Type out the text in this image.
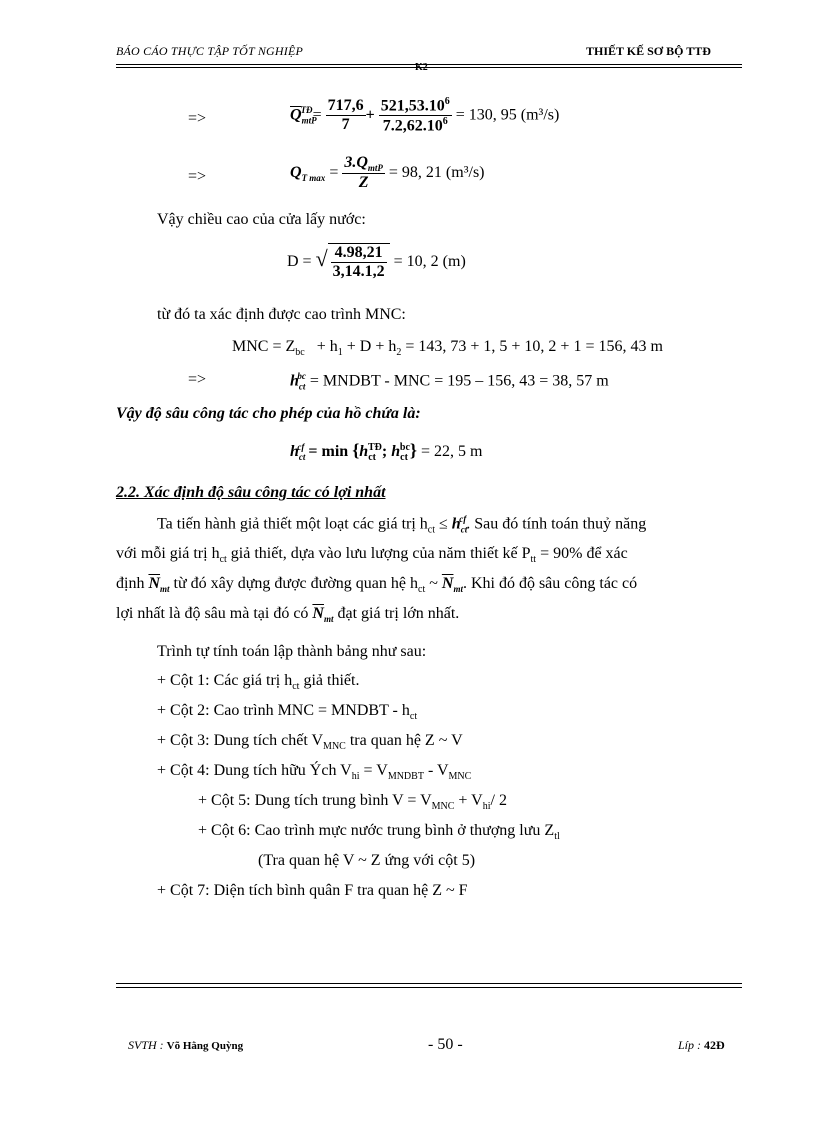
BÁO CÁO THỰC TẬP TỐT NGHIỆP	THIẾT KẾ SƠ BỘ TTĐ
K2
=>	$\overline{Q}_{mtP}^{TĐ}= \frac{717,6}{7} + \frac{521,53.10^6}{7.2,62.10^6} = 130$, 95 (m³/s)
=>	$Q_{T max} = \frac{3.Q_{mtP}}{Z} = 98$, 21 (m³/s)
Vậy chiều cao của cửa lấy nước:
D = √ $\frac{4.98,21}{3,14.1,2} = 10$, 2 (m)
từ đó ta xác định được cao trình MNC:
MNC = $Z_{bc} + h_1 + D + h_2 = 143$, 73 + 1, 5 + 10, 2 + 1 = 156, 43 m
=>	$h_{ct}^{bc}$ = MNDBT - MNC = 195 – 156, 43 = 38, 57 m
Vậy độ sâu công tác cho phép của hồ chứa là:
$h_{ct}^{cf} = \min \{h_{ct}^{TĐ}$; $h_{ct}^{bc}\} = 22$, 5 m
2.2. Xác định độ sâu công tác có lợi nhất
Ta tiến hành giả thiết một loạt các giá trị $h_{ct} \le h_{ct}^{cf}$. Sau đó tính toán thuỷ năng
với mỗi giá trị $h_{ct}$ giả thiết, dựa vào lưu lượng của năm thiết kế $P_{tt} = 90\%$ để xác
định $\overline{N}_{mt}$ từ đó xây dựng được đường quan hệ $h_{ct}$ ~ $\overline{N}_{mt}$. Khi đó độ sâu công tác có
lợi nhất là độ sâu mà tại đó có $\overline{N}_{mt}$ đạt giá trị lớn nhất.
Trình tự tính toán lập thành bảng như sau:
+ Cột 1: Các giá trị $h_{ct}$ giả thiết.
+ Cột 2: Cao trình MNC = MNDBT - $h_{ct}$
+ Cột 3: Dung tích chết $V_{MNC}$ tra quan hệ Z ~ V
+ Cột 4: Dung tích hữu Ých $V_{hi} = V_{MNDBT} - V_{MNC}$
+ Cột 5: Dung tích trung bình $V = V_{MNC} + V_{hi}/$ 2
+ Cột 6: Cao trình mực nước trung bình ở thượng lưu $Z_{tl}$
(Tra quan hệ V ~ Z ứng với cột 5)
+ Cột 7: Diện tích bình quân F tra quan hệ Z ~ F
SVTH : Võ Hằng Quỳng	- 50 -	Líp : 42Đ
